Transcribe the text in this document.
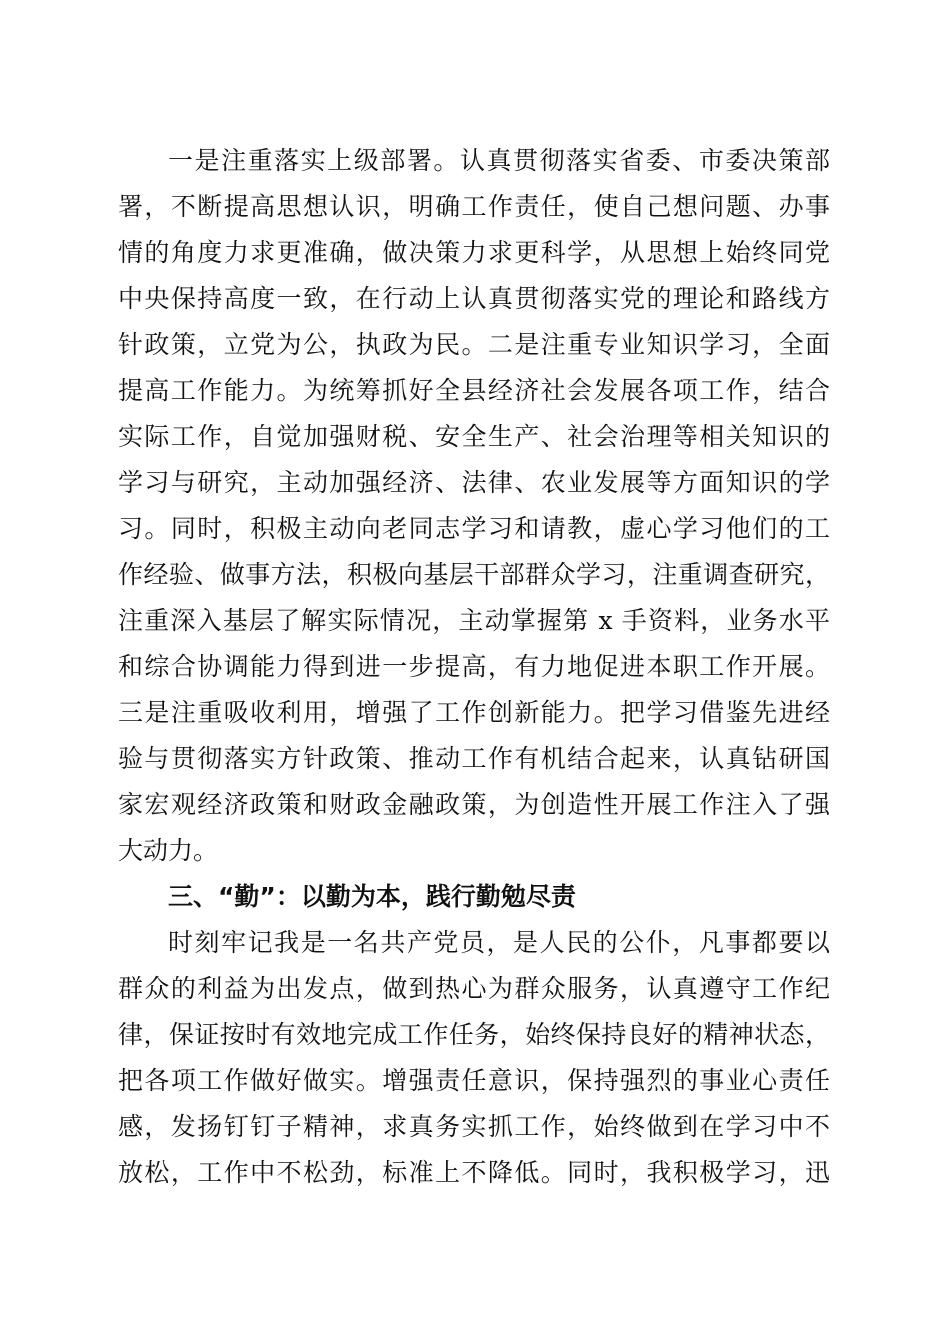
一是注重落实上级部署。认真贯彻落实省委、市委决策部
署，不断提高思想认识，明确工作责任，使自己想问题、办事
情的角度力求更准确，做决策力求更科学，从思想上始终同党
中央保持高度一致，在行动上认真贯彻落实党的理论和路线方
针政策，立党为公，执政为民。二是注重专业知识学习，全面
提高工作能力。为统筹抓好全县经济社会发展各项工作，结合
实际工作，自觉加强财税、安全生产、社会治理等相关知识的
学习与研究，主动加强经济、法律、农业发展等方面知识的学
习。同时，积极主动向老同志学习和请教，虚心学习他们的工
作经验、做事方法，积极向基层干部群众学习，注重调查研究，
注重深入基层了解实际情况，主动掌握第 x 手资料，业务水平
和综合协调能力得到进一步提高，有力地促进本职工作开展。
三是注重吸收利用，增强了工作创新能力。把学习借鉴先进经
验与贯彻落实方针政策、推动工作有机结合起来，认真钻研国
家宏观经济政策和财政金融政策，为创造性开展工作注入了强
大动力。
三、“勤”：以勤为本，践行勤勉尽责
时刻牢记我是一名共产党员，是人民的公仆，凡事都要以
群众的利益为出发点，做到热心为群众服务，认真遵守工作纪
律，保证按时有效地完成工作任务，始终保持良好的精神状态，
把各项工作做好做实。增强责任意识，保持强烈的事业心责任
感，发扬钉钉子精神，求真务实抓工作，始终做到在学习中不
放松，工作中不松劲，标准上不降低。同时，我积极学习，迅
